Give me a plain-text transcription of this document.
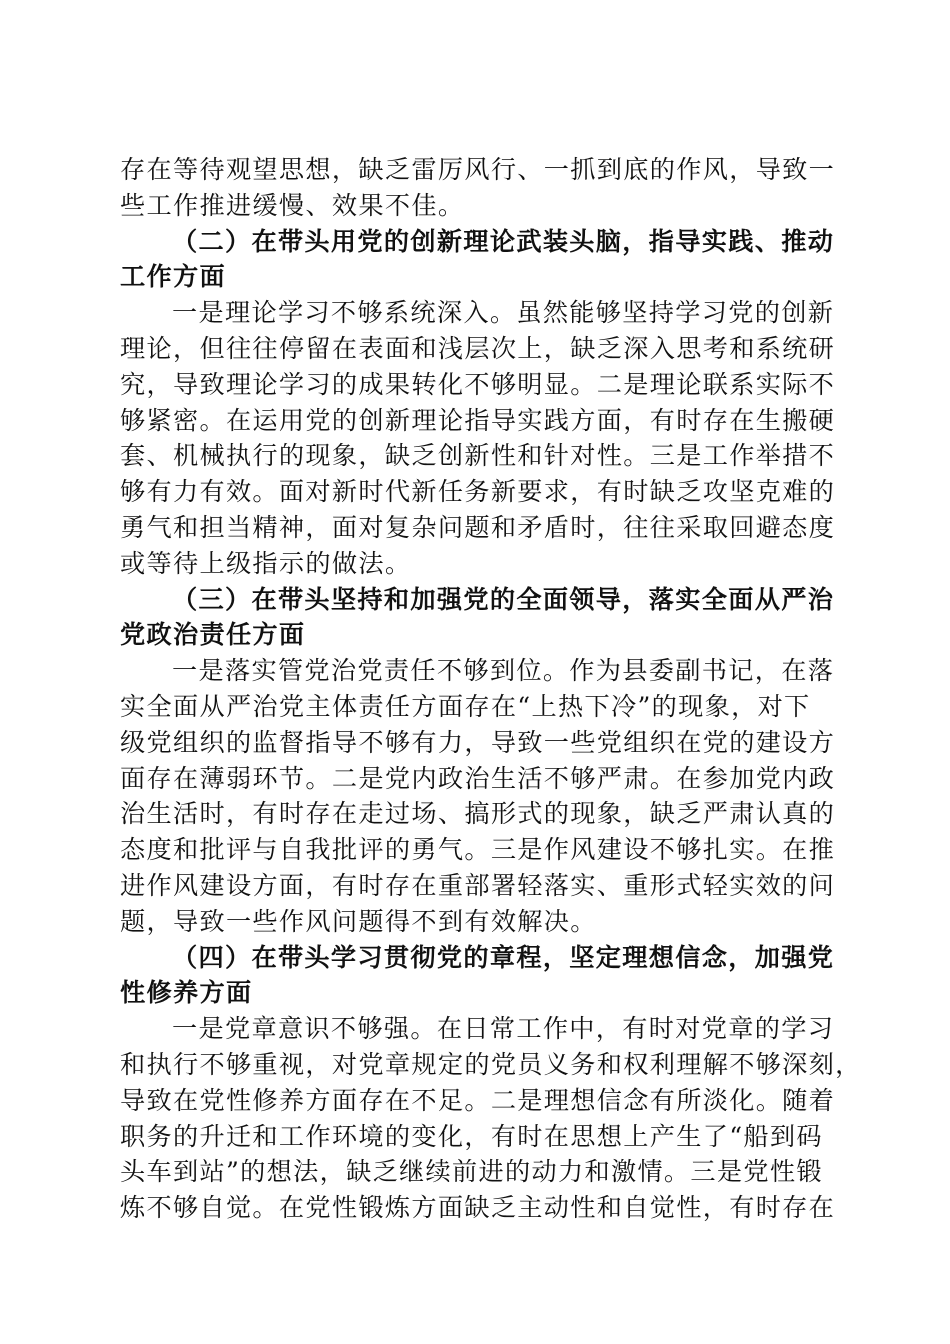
存在等待观望思想，缺乏雷厉风行、一抓到底的作风，导致一
些工作推进缓慢、效果不佳。
（二）在带头用党的创新理论武装头脑，指导实践、推动
工作方面
一是理论学习不够系统深入。虽然能够坚持学习党的创新
理论，但往往停留在表面和浅层次上，缺乏深入思考和系统研
究，导致理论学习的成果转化不够明显。二是理论联系实际不
够紧密。在运用党的创新理论指导实践方面，有时存在生搬硬
套、机械执行的现象，缺乏创新性和针对性。三是工作举措不
够有力有效。面对新时代新任务新要求，有时缺乏攻坚克难的
勇气和担当精神，面对复杂问题和矛盾时，往往采取回避态度
或等待上级指示的做法。
（三）在带头坚持和加强党的全面领导，落实全面从严治
党政治责任方面
一是落实管党治党责任不够到位。作为县委副书记，在落
实全面从严治党主体责任方面存在“上热下冷”的现象，对下
级党组织的监督指导不够有力，导致一些党组织在党的建设方
面存在薄弱环节。二是党内政治生活不够严肃。在参加党内政
治生活时，有时存在走过场、搞形式的现象，缺乏严肃认真的
态度和批评与自我批评的勇气。三是作风建设不够扎实。在推
进作风建设方面，有时存在重部署轻落实、重形式轻实效的问
题，导致一些作风问题得不到有效解决。
（四）在带头学习贯彻党的章程，坚定理想信念，加强党
性修养方面
一是党章意识不够强。在日常工作中，有时对党章的学习
和执行不够重视，对党章规定的党员义务和权利理解不够深刻，
导致在党性修养方面存在不足。二是理想信念有所淡化。随着
职务的升迁和工作环境的变化，有时在思想上产生了“船到码
头车到站”的想法，缺乏继续前进的动力和激情。三是党性锻
炼不够自觉。在党性锻炼方面缺乏主动性和自觉性，有时存在
